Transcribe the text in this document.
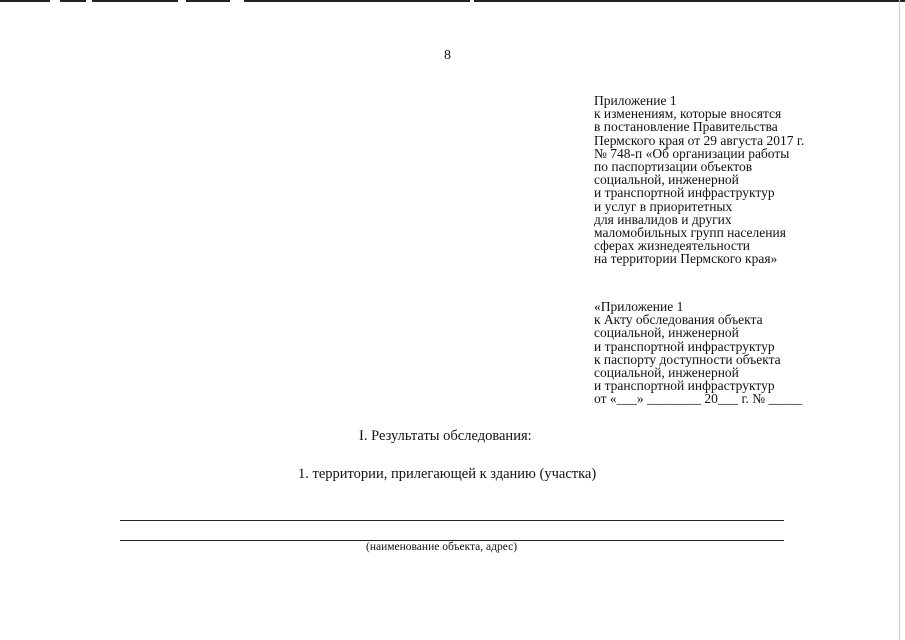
8
Приложение 1
к изменениям, которые вносятся
в постановление Правительства
Пермского края от 29 августа 2017 г.
№ 748-п «Об организации работы
по паспортизации объектов
социальной, инженерной
и транспортной инфраструктур
и услуг в приоритетных
для инвалидов и других
маломобильных групп населения
сферах жизнедеятельности
на территории Пермского края»
«Приложение 1
к Акту обследования объекта
социальной, инженерной
и транспортной инфраструктур
к паспорту доступности объекта
социальной, инженерной
и транспортной инфраструктур
от «___» ________ 20___ г. № _____
I. Результаты обследования:
1. территории, прилегающей к зданию (участка)
(наименование объекта, адрес)
